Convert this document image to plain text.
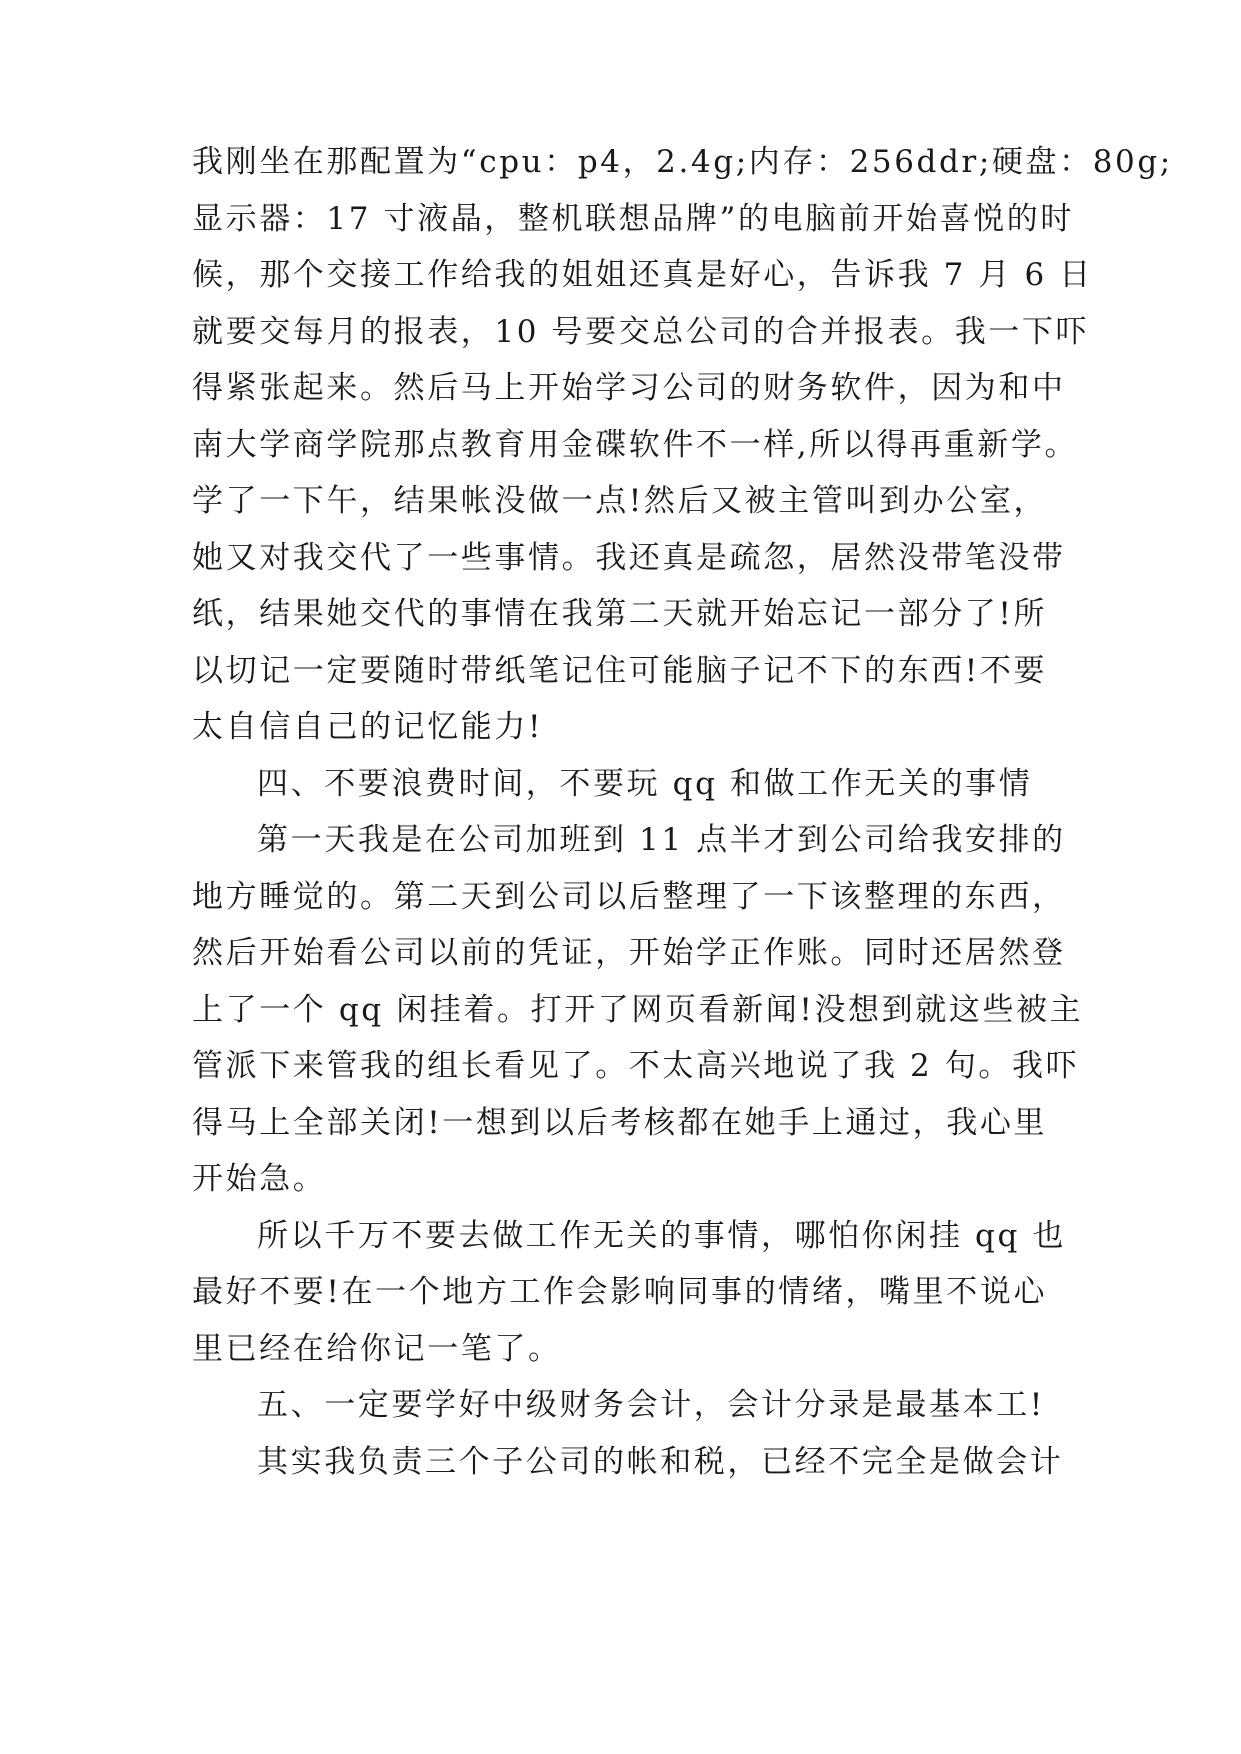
我刚坐在那配置为“cpu：p4，2.4g;内存：256ddr;硬盘：80g;
显示器：17 寸液晶，整机联想品牌”的电脑前开始喜悦的时
候，那个交接工作给我的姐姐还真是好心，告诉我 7 月 6 日
就要交每月的报表，10 号要交总公司的合并报表。我一下吓
得紧张起来。然后马上开始学习公司的财务软件，因为和中
南大学商学院那点教育用金碟软件不一样,所以得再重新学。
学了一下午，结果帐没做一点!然后又被主管叫到办公室，
她又对我交代了一些事情。我还真是疏忽，居然没带笔没带
纸，结果她交代的事情在我第二天就开始忘记一部分了!所
以切记一定要随时带纸笔记住可能脑子记不下的东西!不要
太自信自己的记忆能力!
四、不要浪费时间，不要玩 qq 和做工作无关的事情
第一天我是在公司加班到 11 点半才到公司给我安排的
地方睡觉的。第二天到公司以后整理了一下该整理的东西，
然后开始看公司以前的凭证，开始学正作账。同时还居然登
上了一个 qq 闲挂着。打开了网页看新闻!没想到就这些被主
管派下来管我的组长看见了。不太高兴地说了我 2 句。我吓
得马上全部关闭!一想到以后考核都在她手上通过，我心里
开始急。
所以千万不要去做工作无关的事情，哪怕你闲挂 qq 也
最好不要!在一个地方工作会影响同事的情绪，嘴里不说心
里已经在给你记一笔了。
五、一定要学好中级财务会计，会计分录是最基本工!
其实我负责三个子公司的帐和税，已经不完全是做会计
